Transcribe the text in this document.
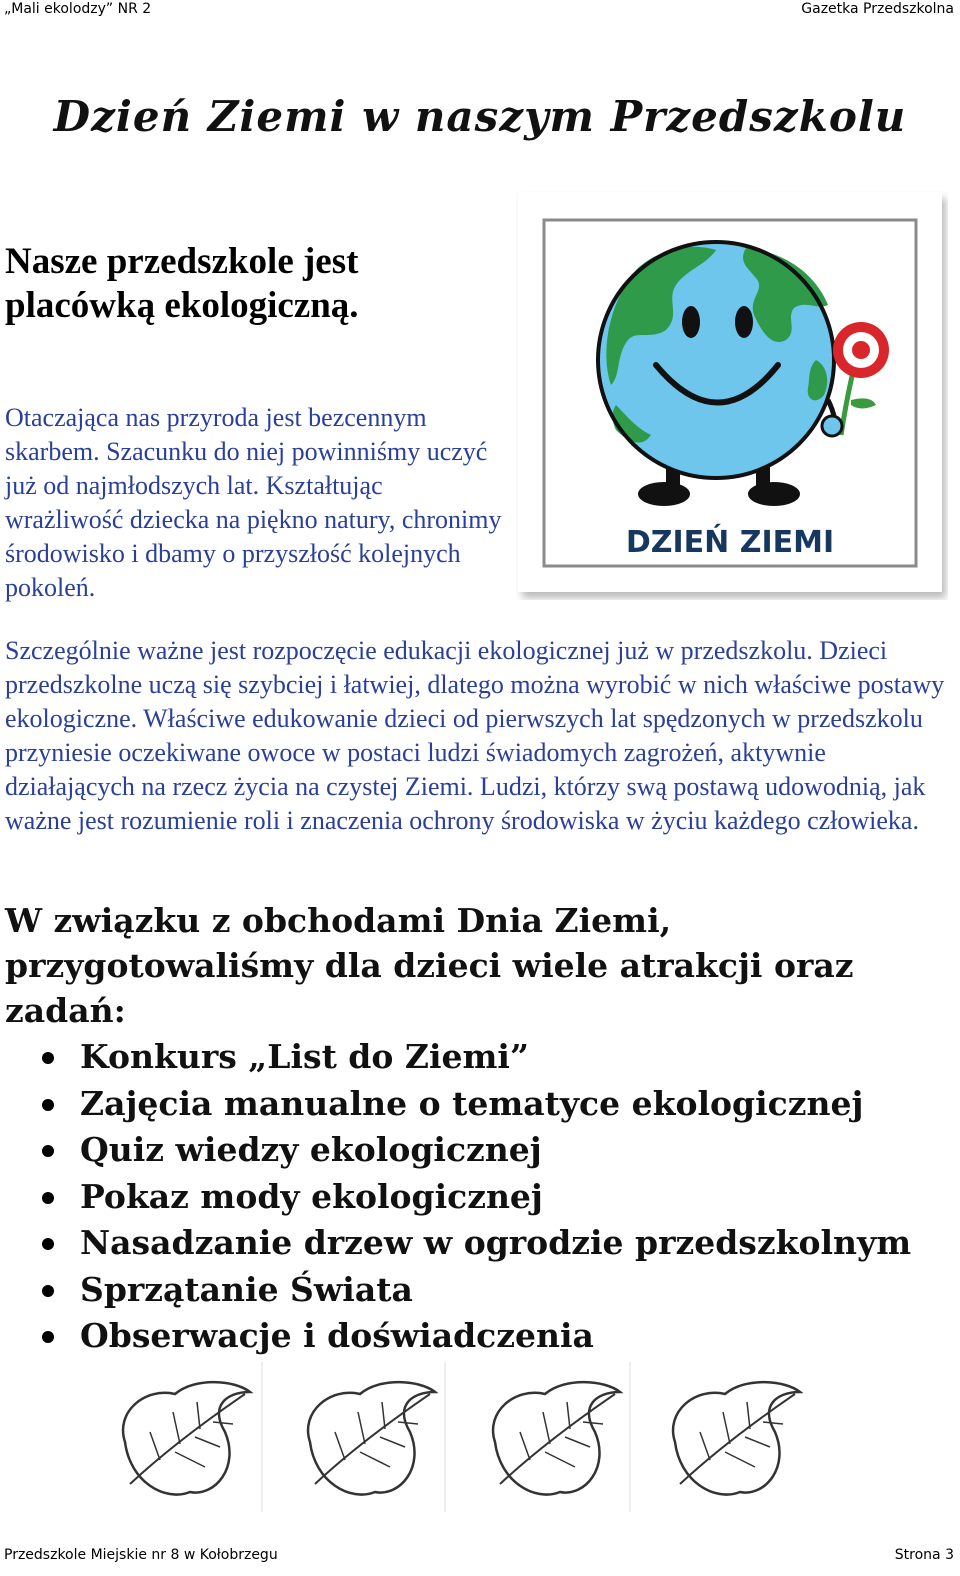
„Mali ekolodzy” NR 2	Gazetka Przedszkolna
Dzień Ziemi w naszym Przedszkolu
Nasze przedszkole jest placówką ekologiczną.

Otaczająca nas przyroda jest bezcennym skarbem. Szacunku do niej powinniśmy uczyć już od najmłodszych lat. Kształtując wrażliwość dziecka na piękno natury, chronimy środowisko i dbamy o przyszłość kolejnych pokoleń.

DZIEŃ ZIEMI

Szczególnie ważne jest rozpoczęcie edukacji ekologicznej już w przedszkolu. Dzieci przedszkolne uczą się szybciej i łatwiej, dlatego można wyrobić w nich właściwe postawy ekologiczne. Właściwe edukowanie dzieci od pierwszych lat spędzonych w przedszkolu przyniesie oczekiwane owoce w postaci ludzi świadomych zagrożeń, aktywnie działających na rzecz życia na czystej Ziemi. Ludzi, którzy swą postawą udowodnią, jak ważne jest rozumienie roli i znaczenia ochrony środowiska w życiu każdego człowieka.

W związku z obchodami Dnia Ziemi, przygotowaliśmy dla dzieci wiele atrakcji oraz zadań:
Konkurs „List do Ziemi”
Zajęcia manualne o tematyce ekologicznej
Quiz wiedzy ekologicznej
Pokaz mody ekologicznej
Nasadzanie drzew w ogrodzie przedszkolnym
Sprzątanie Świata
Obserwacje i doświadczenia
Przedszkole Miejskie nr 8 w Kołobrzegu	Strona 3
